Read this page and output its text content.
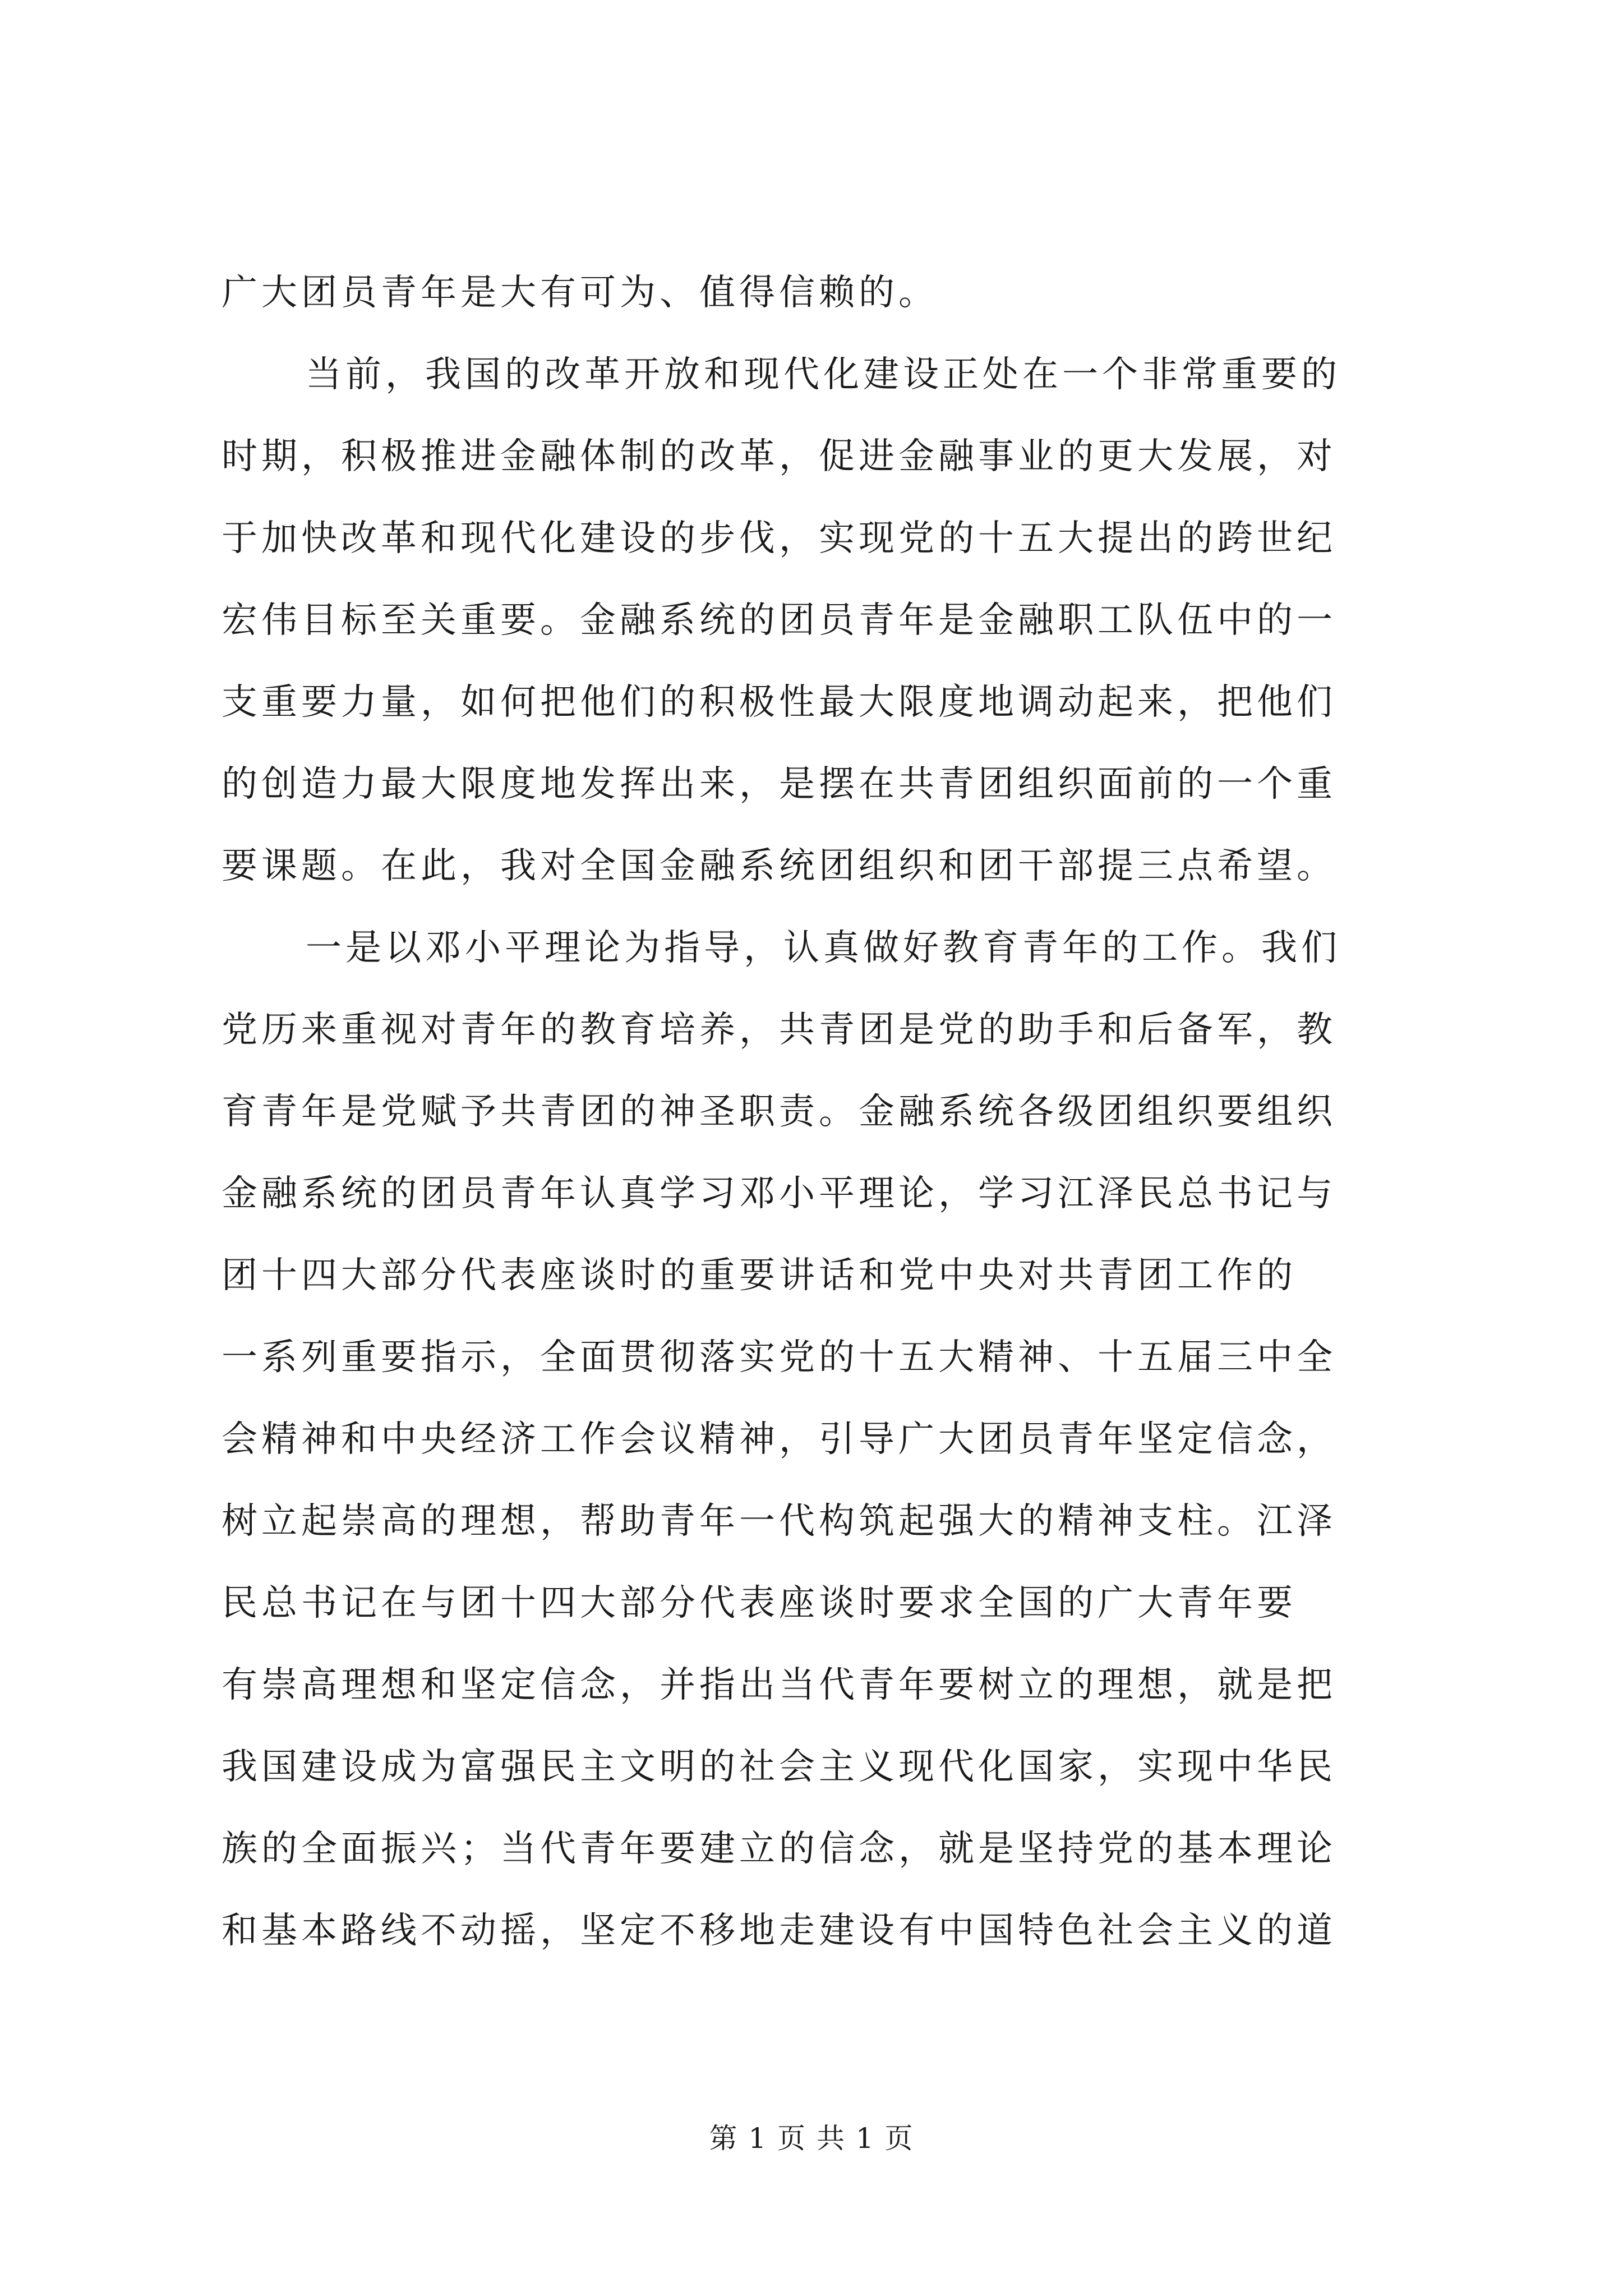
广大团员青年是大有可为、值得信赖的。
当前，我国的改革开放和现代化建设正处在一个非常重要的
时期，积极推进金融体制的改革，促进金融事业的更大发展，对
于加快改革和现代化建设的步伐，实现党的十五大提出的跨世纪
宏伟目标至关重要。金融系统的团员青年是金融职工队伍中的一
支重要力量，如何把他们的积极性最大限度地调动起来，把他们
的创造力最大限度地发挥出来，是摆在共青团组织面前的一个重
要课题。在此，我对全国金融系统团组织和团干部提三点希望。
一是以邓小平理论为指导，认真做好教育青年的工作。我们
党历来重视对青年的教育培养，共青团是党的助手和后备军，教
育青年是党赋予共青团的神圣职责。金融系统各级团组织要组织
金融系统的团员青年认真学习邓小平理论，学习江泽民总书记与
团十四大部分代表座谈时的重要讲话和党中央对共青团工作的
一系列重要指示，全面贯彻落实党的十五大精神、十五届三中全
会精神和中央经济工作会议精神，引导广大团员青年坚定信念，
树立起崇高的理想，帮助青年一代构筑起强大的精神支柱。江泽
民总书记在与团十四大部分代表座谈时要求全国的广大青年要
有崇高理想和坚定信念，并指出当代青年要树立的理想，就是把
我国建设成为富强民主文明的社会主义现代化国家，实现中华民
族的全面振兴；当代青年要建立的信念，就是坚持党的基本理论
和基本路线不动摇，坚定不移地走建设有中国特色社会主义的道
第 1 页 共 1 页
